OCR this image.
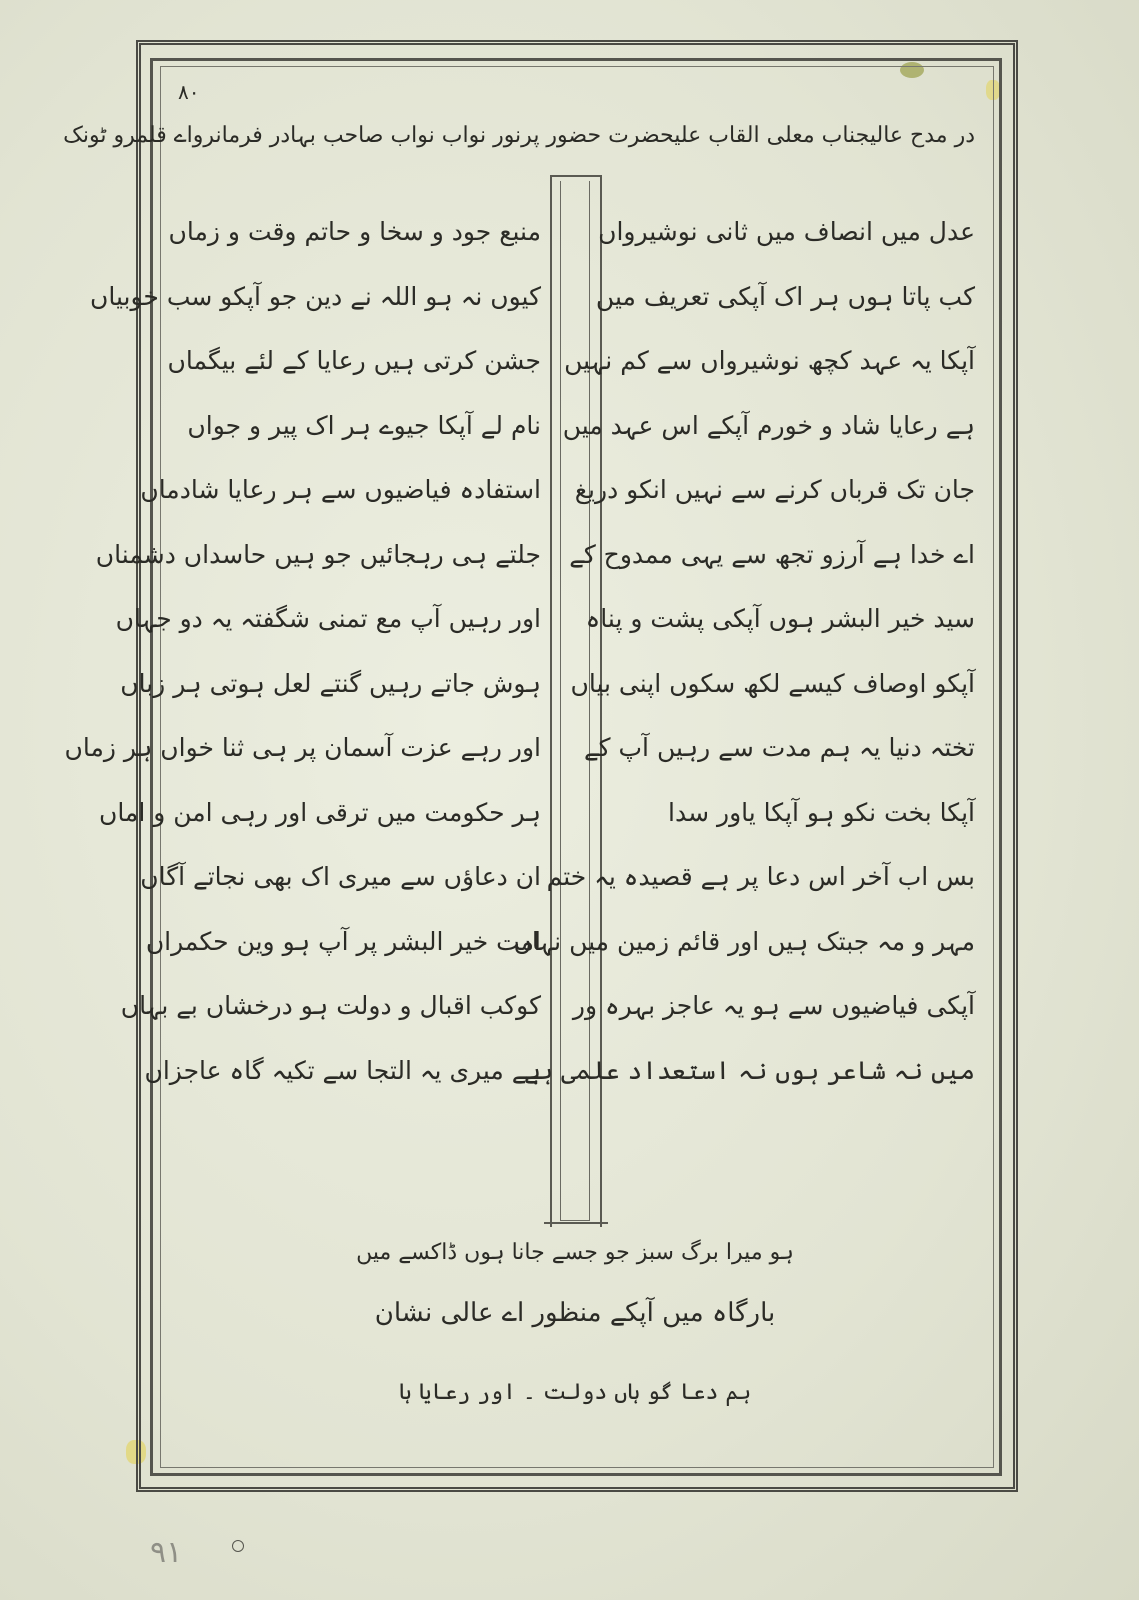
۸۰
در مدح عالیجناب معلی القاب علیحضرت حضور پرنور نواب نواب صاحب بہادر فرمانرواے قلمرو ٹونک
عدل میں انصاف میں ثانی نوشیرواں
کب پاتا ہوں ہر اک آپکی تعریف میں
آپکا یہ عہد کچھ نوشیرواں سے کم نہیں
ہے رعایا شاد و خورم آپکے اس عہد میں
جان تک قرباں کرنے سے نہیں انکو دریغ
اے خدا ہے آرزو تجھ سے یہی ممدوح کے
سید خیر البشر ہوں آپکی پشت و پناہ
آپکو اوصاف کیسے لکھ سکوں اپنی بیاں
تختہ دنیا یہ ہم مدت سے رہیں آپ کے
آپکا بخت نکو ہو آپکا یاور سدا
بس اب آخر اس دعا پر ہے قصیدہ یہ ختم
مہر و مہ جبتک ہیں اور قائم زمین میں نہاں
آپکی فیاضیوں سے ہو یہ عاجز بہرہ ور
میں نہ شاعر ہوں نہ استعداد علمی ہے
منبع جود و سخا و حاتم وقت و زماں
کیوں نہ ہو اللہ نے دین جو آپکو سب خوبیاں
جشن کرتی ہیں رعایا کے لئے بیگماں
نام لے آپکا جیوے ہر اک پیر و جواں
استفادہ فیاضیوں سے ہر رعایا شادماں
جلتے ہی رہجائیں جو ہیں حاسداں دشمناں
اور رہیں آپ مع تمنی شگفتہ یہ دو جہاں
ہوش جاتے رہیں گنتے لعل ہوتی ہر زباں
اور رہے عزت آسمان پر ہی ثنا خواں ہر زماں
ہر حکومت میں ترقی اور رہی امن و اماں
ان دعاؤں سے میری اک بھی نجاتے آگاں
امت خیر البشر پر آپ ہو وین حکمراں
کوکب اقبال و دولت ہو درخشاں بے بہاں
ہے میری یہ التجا سے تکیہ گاہ عاجزاں
ہو میرا برگ سبز جو جسے جانا ہوں ڈاکسے میں
بارگاہ میں آپکے منظور اے عالی نشان
ہم دعا گو ہاں دولت ۔ اور رعایا ہا
۹۱
